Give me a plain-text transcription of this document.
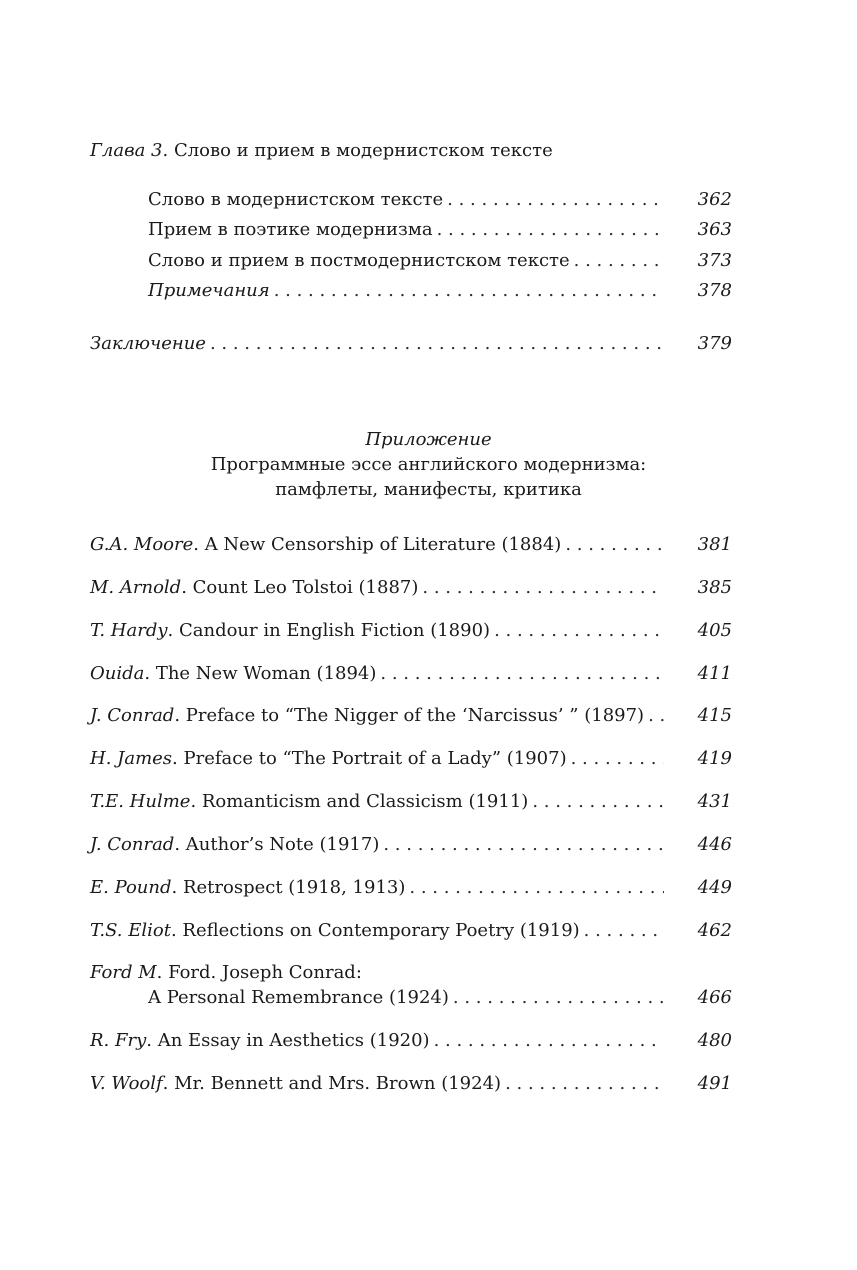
Глава 3. Слово и прием в модернистском тексте
Слово в модернистском тексте . . .	362
Прием в поэтике модернизма . . .	363
Слово и прием в постмодернистском тексте . . .	373
Примечания . . .	378
Заключение . . .	379
Приложение
Программные эссе английского модернизма:
памфлеты, манифесты, критика
G.A. Moore. A New Censorship of Literature (1884) . . .	381
M. Arnold. Count Leo Tolstoi (1887) . . .	385
T. Hardy. Candour in English Fiction (1890) . . .	405
Ouida. The New Woman (1894) . . .	411
J. Conrad. Preface to “The Nigger of the ‘Narcissus’ ” (1897) . . .	415
H. James. Preface to “The Portrait of a Lady” (1907) . . .	419
T.E. Hulme. Romanticism and Classicism (1911) . . .	431
J. Conrad. Author’s Note (1917) . . .	446
E. Pound. Retrospect (1918, 1913) . . .	449
T.S. Eliot. Reflections on Contemporary Poetry (1919) . . .	462
Ford M. Ford. Joseph Conrad:
A Personal Remembrance (1924) . . .	466
R. Fry. An Essay in Aesthetics (1920) . . .	480
V. Woolf. Mr. Bennett and Mrs. Brown (1924) . . .	491
